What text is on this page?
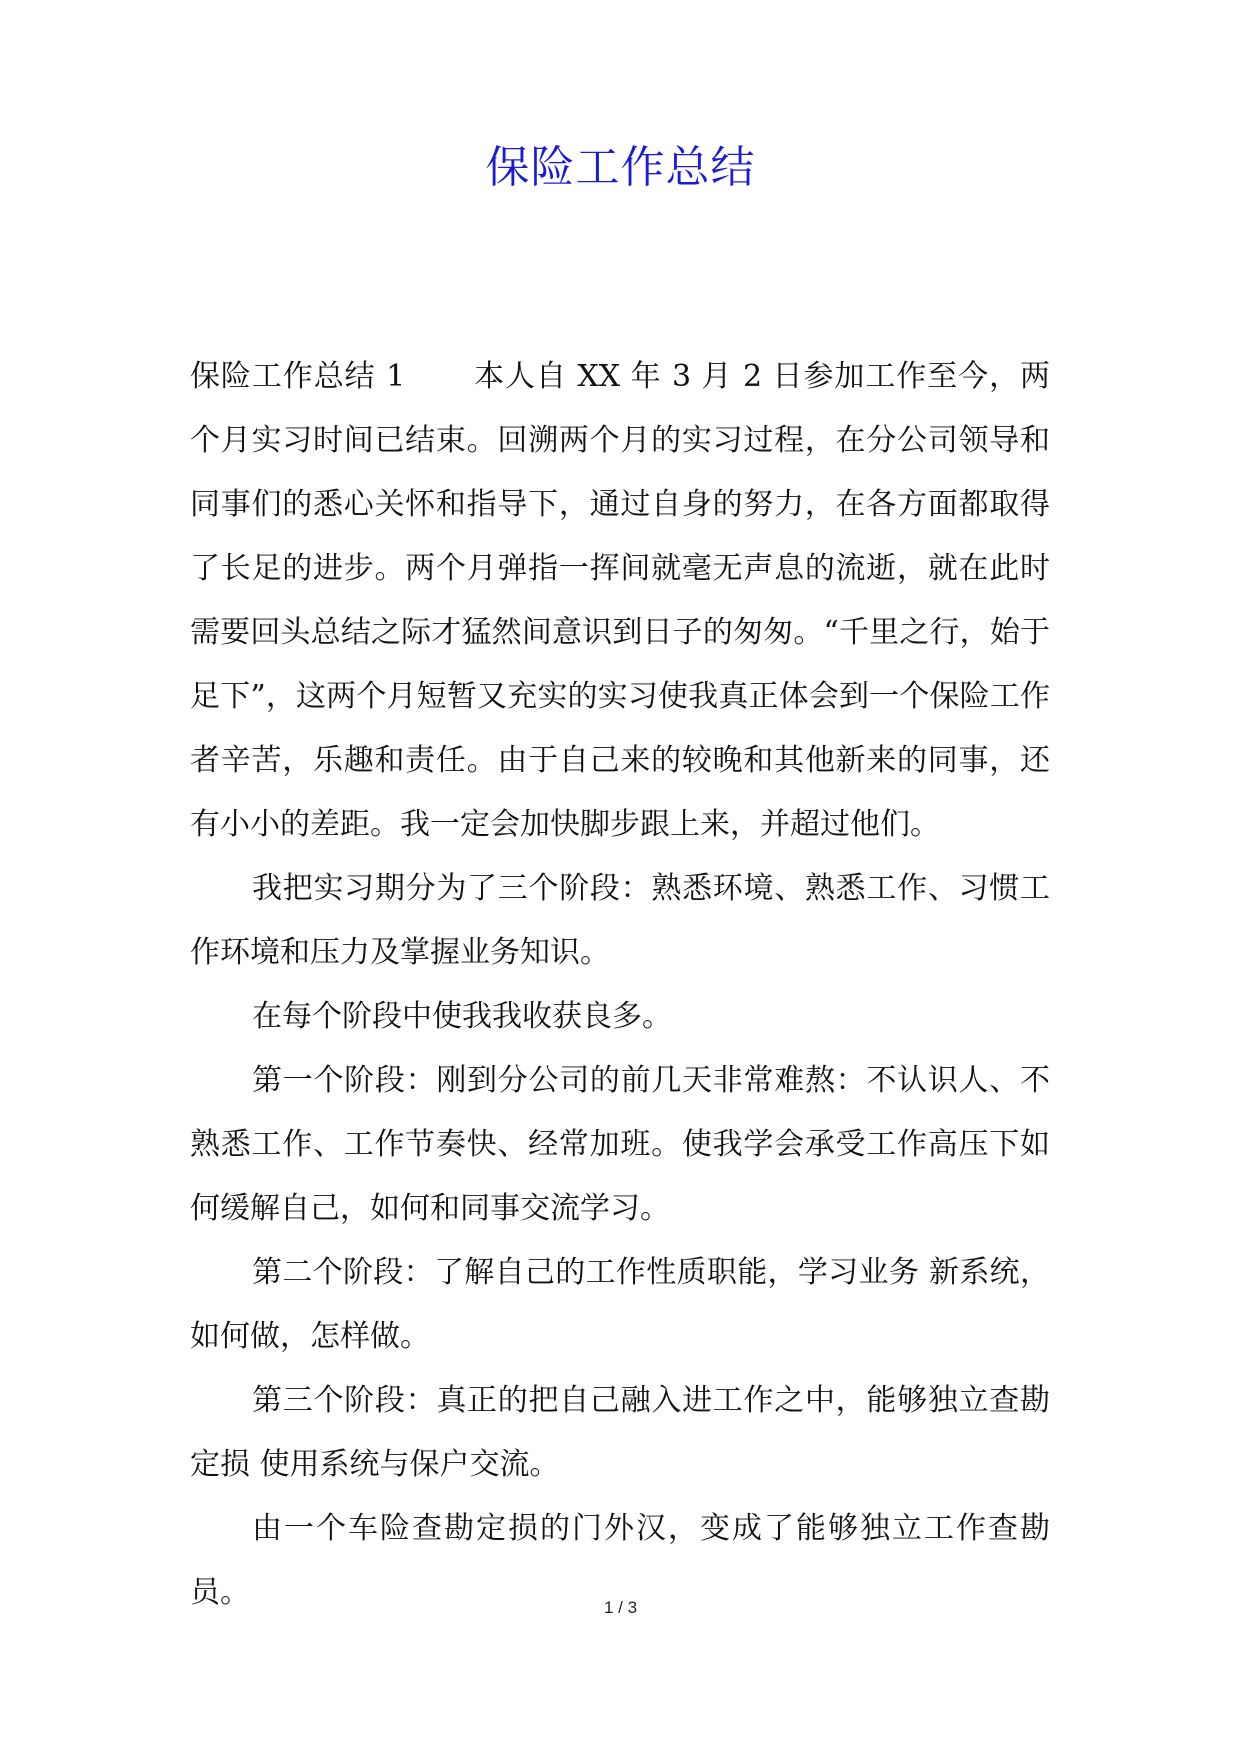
保险工作总结

保险工作总结 1 本人自 XX 年 3 月 2 日参加工作至今，两个月实习时间已结束。回溯两个月的实习过程，在分公司领导和同事们的悉心关怀和指导下，通过自身的努力，在各方面都取得了长足的进步。两个月弹指一挥间就毫无声息的流逝，就在此时需要回头总结之际才猛然间意识到日子的匆匆。“千里之行，始于足下”，这两个月短暂又充实的实习使我真正体会到一个保险工作者辛苦，乐趣和责任。由于自己来的较晚和其他新来的同事，还有小小的差距。我一定会加快脚步跟上来，并超过他们。

我把实习期分为了三个阶段：熟悉环境、熟悉工作、习惯工作环境和压力及掌握业务知识。

在每个阶段中使我我收获良多。

第一个阶段：刚到分公司的前几天非常难熬：不认识人、不熟悉工作、工作节奏快、经常加班。使我学会承受工作高压下如何缓解自己，如何和同事交流学习。

第二个阶段：了解自己的工作性质职能，学习业务 新系统，如何做，怎样做。

第三个阶段：真正的把自己融入进工作之中，能够独立查勘定损 使用系统与保户交流。

由一个车险查勘定损的门外汉，变成了能够独立工作查勘员。	1 / 3
